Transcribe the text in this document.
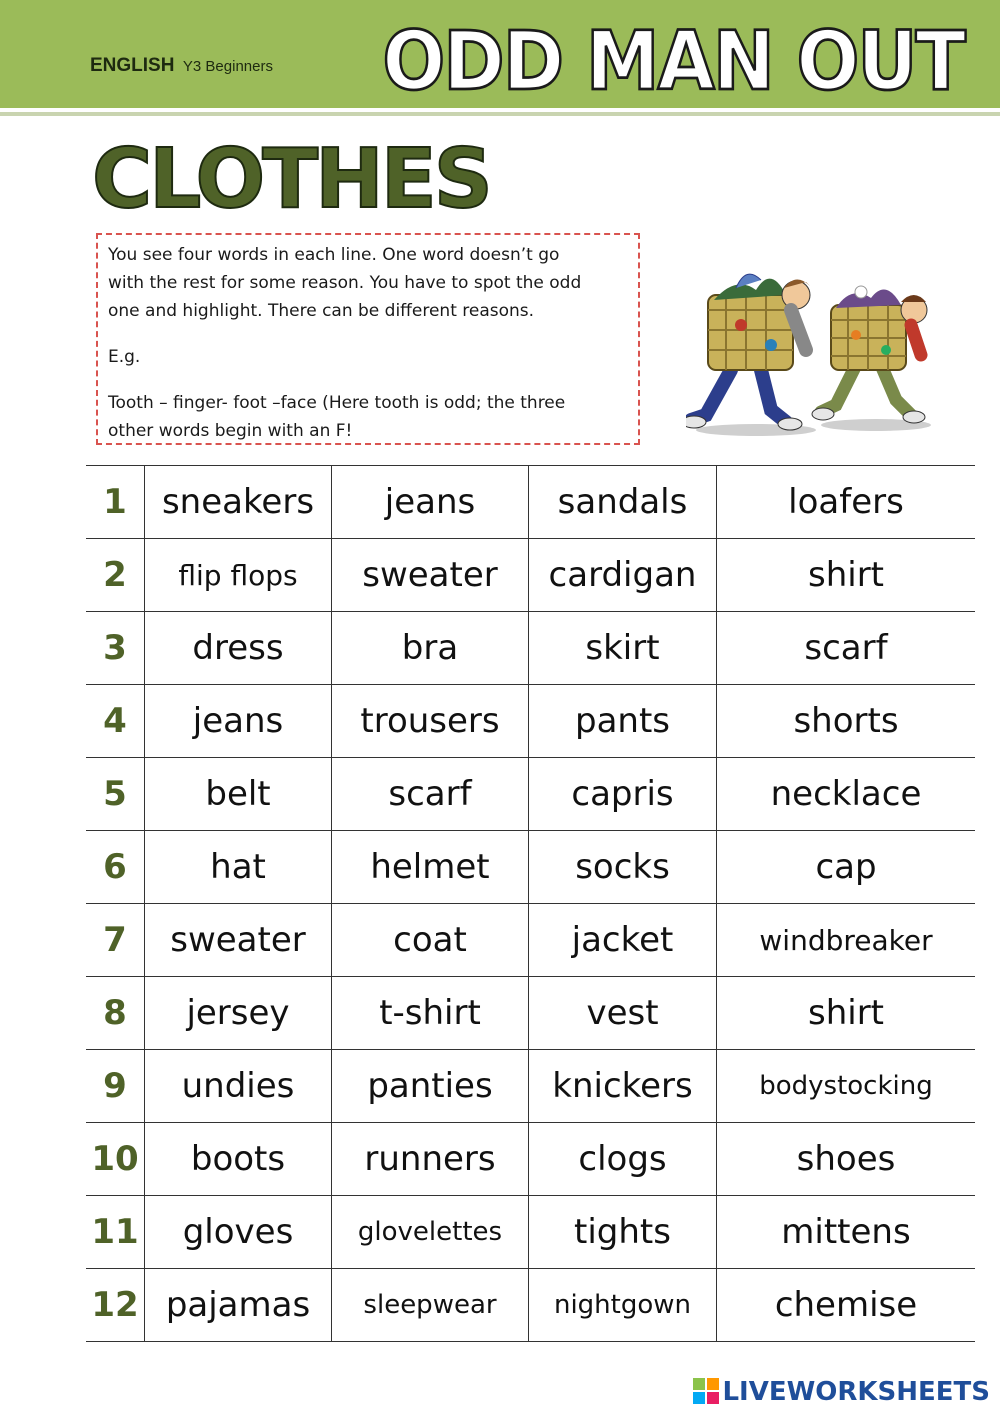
ENGLISH Y3 Beginners ODD MAN OUT
CLOTHES

You see four words in each line. One word doesn’t go

with the rest for some reason. You have to spot the odd

one and highlight. There can be different reasons.

E.g.

Tooth – finger- foot –face (Here tooth is odd; the three

other words begin with an F!

1	sneakers	jeans	sandals	loafers
2	flip flops	sweater	cardigan	shirt
3	dress	bra	skirt	scarf
4	jeans	trousers	pants	shorts
5	belt	scarf	capris	necklace
6	hat	helmet	socks	cap
7	sweater	coat	jacket	windbreaker
8	jersey	t-shirt	vest	shirt
9	undies	panties	knickers	bodystocking
10	boots	runners	clogs	shoes
11	gloves	glovelettes	tights	mittens
12	pajamas	sleepwear	nightgown	chemise
LIVEWORKSHEETS
